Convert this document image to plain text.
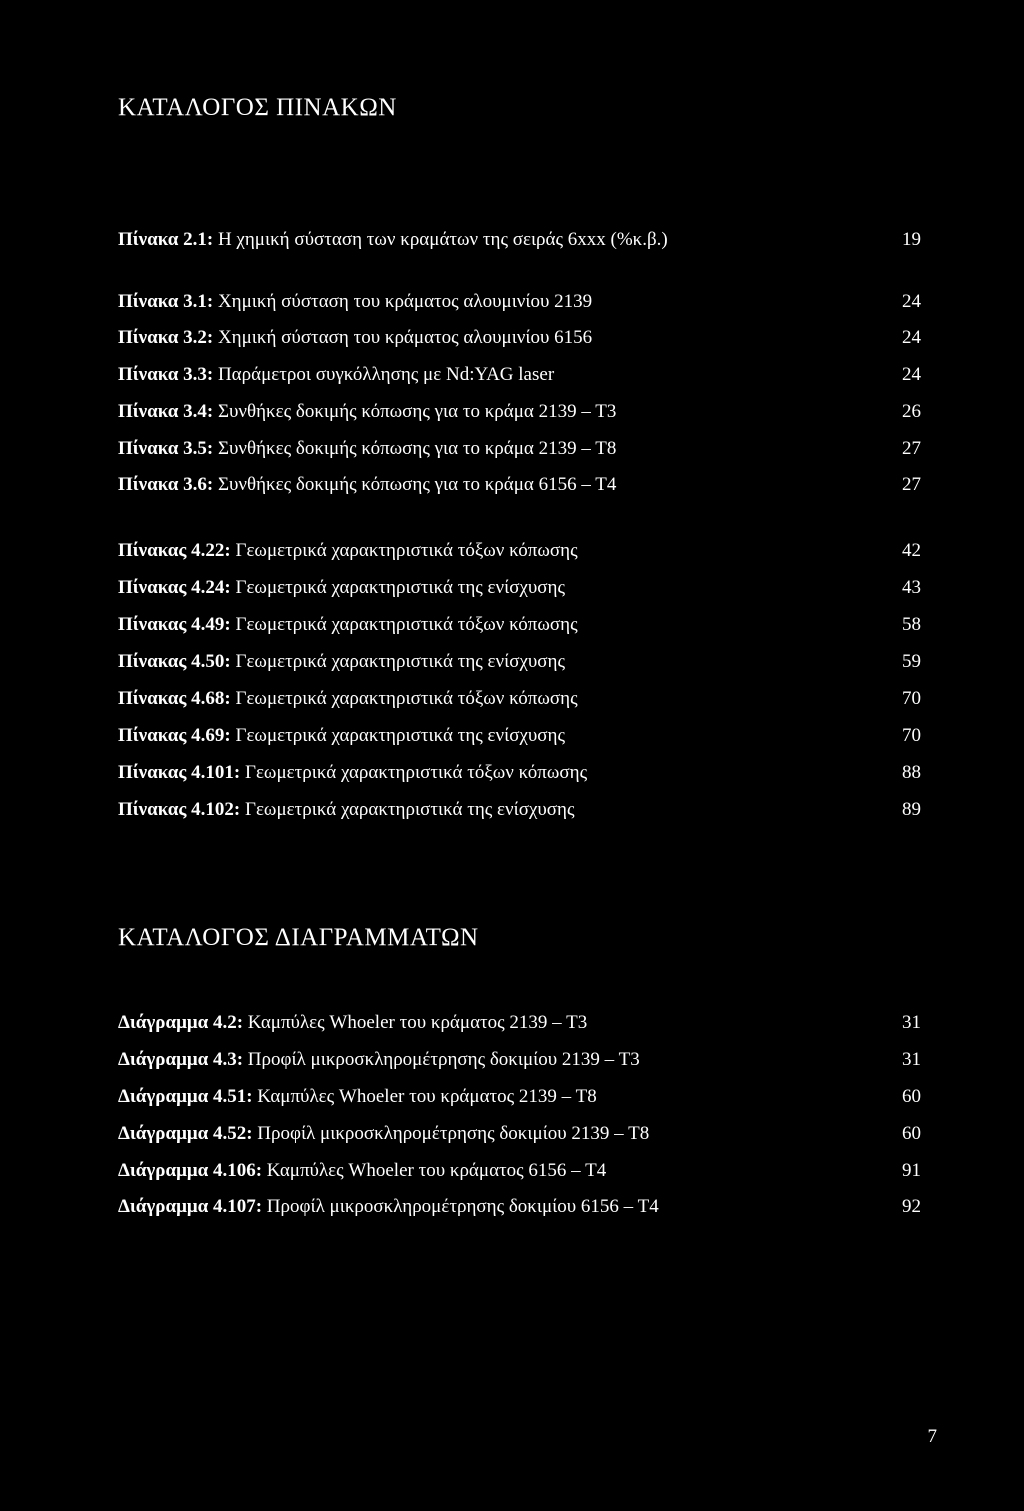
ΚΑΤΑΛΟΓΟΣ ΠΙΝΑΚΩΝ
Πίνακα 2.1: Η χημική σύσταση των κραμάτων της σειράς 6xxx (%κ.β.)	19
Πίνακα 3.1: Χημική σύσταση του κράματος αλουμινίου 2139	24
Πίνακα 3.2: Χημική σύσταση του κράματος αλουμινίου 6156	24
Πίνακα 3.3: Παράμετροι συγκόλλησης με Nd:YAG laser	24
Πίνακα 3.4: Συνθήκες δοκιμής κόπωσης για το κράμα 2139 – Τ3	26
Πίνακα 3.5: Συνθήκες δοκιμής κόπωσης για το κράμα 2139 – Τ8	27
Πίνακα 3.6: Συνθήκες δοκιμής κόπωσης για το κράμα 6156 – Τ4	27
Πίνακας 4.22: Γεωμετρικά χαρακτηριστικά τόξων κόπωσης	42
Πίνακας 4.24: Γεωμετρικά χαρακτηριστικά της ενίσχυσης	43
Πίνακας 4.49: Γεωμετρικά χαρακτηριστικά τόξων κόπωσης	58
Πίνακας 4.50: Γεωμετρικά χαρακτηριστικά της ενίσχυσης	59
Πίνακας 4.68: Γεωμετρικά χαρακτηριστικά τόξων κόπωσης	70
Πίνακας 4.69: Γεωμετρικά χαρακτηριστικά της ενίσχυσης	70
Πίνακας 4.101: Γεωμετρικά χαρακτηριστικά τόξων κόπωσης	88
Πίνακας 4.102: Γεωμετρικά χαρακτηριστικά της ενίσχυσης	89
ΚΑΤΑΛΟΓΟΣ ΔΙΑΓΡΑΜΜΑΤΩΝ
Διάγραμμα 4.2: Καμπύλες Whoeler του κράματος 2139 – Τ3	31
Διάγραμμα 4.3: Προφίλ μικροσκληρομέτρησης δοκιμίου 2139 – Τ3	31
Διάγραμμα 4.51: Καμπύλες Whoeler του κράματος 2139 – Τ8	60
Διάγραμμα 4.52: Προφίλ μικροσκληρομέτρησης δοκιμίου 2139 – Τ8	60
Διάγραμμα 4.106: Καμπύλες Whoeler του κράματος 6156 – Τ4	91
Διάγραμμα 4.107: Προφίλ μικροσκληρομέτρησης δοκιμίου 6156 – Τ4	92
7
